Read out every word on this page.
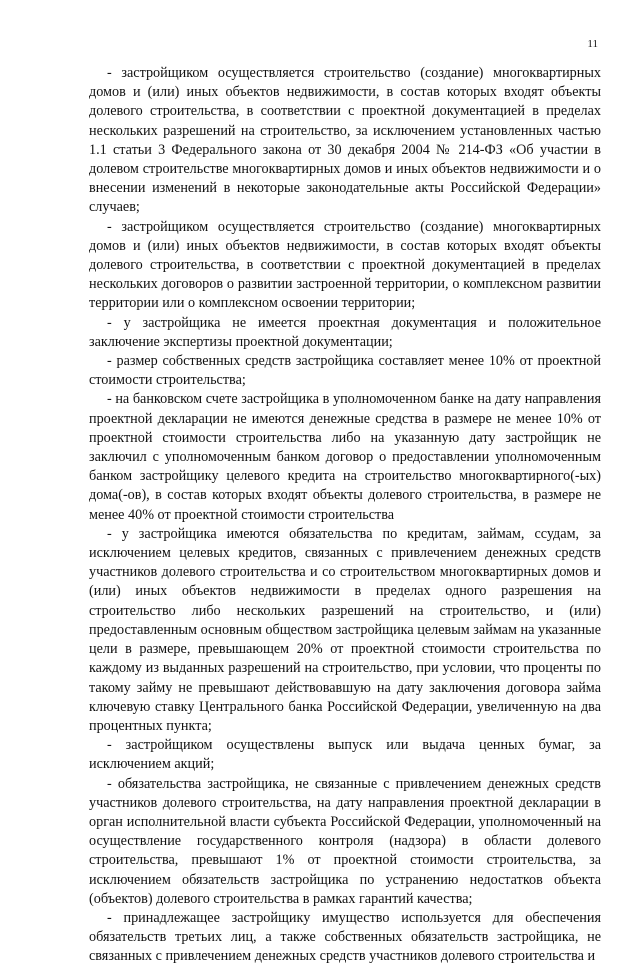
11

- застройщиком осуществляется строительство (создание) многоквартирных домов и (или) иных объектов недвижимости, в состав которых входят объекты долевого строительства, в соответствии с проектной документацией в пределах нескольких разрешений на строительство, за исключением установленных частью 1.1 статьи 3 Федерального закона от 30 декабря 2004 № 214-ФЗ «Об участии в долевом строительстве многоквартирных домов и иных объектов недвижимости и о внесении изменений в некоторые законодательные акты Российской Федерации» случаев;

- застройщиком осуществляется строительство (создание) многоквартирных домов и (или) иных объектов недвижимости, в состав которых входят объекты долевого строительства, в соответствии с проектной документацией в пределах нескольких договоров о развитии застроенной территории, о комплексном развитии территории или о комплексном освоении территории;

- у застройщика не имеется проектная документация и положительное заключение экспертизы проектной документации;

- размер собственных средств застройщика составляет менее 10% от проектной стоимости строительства;

- на банковском счете застройщика в уполномоченном банке на дату направления проектной декларации не имеются денежные средства в размере не менее 10% от проектной стоимости строительства либо на указанную дату застройщик не заключил с уполномоченным банком договор о предоставлении уполномоченным банком застройщику целевого кредита на строительство многоквартирного(-ых) дома(-ов), в состав которых входят объекты долевого строительства, в размере не менее 40% от проектной стоимости строительства

- у застройщика имеются обязательства по кредитам, займам, ссудам, за исключением целевых кредитов, связанных с привлечением денежных средств участников долевого строительства и со строительством многоквартирных домов и (или) иных объектов недвижимости в пределах одного разрешения на строительство либо нескольких разрешений на строительство, и (или) предоставленным основным обществом застройщика целевым займам на указанные цели в размере, превышающем 20% от проектной стоимости строительства по каждому из выданных разрешений на строительство, при условии, что проценты по такому займу не превышают действовавшую на дату заключения договора займа ключевую ставку Центрального банка Российской Федерации, увеличенную на два процентных пункта;

- застройщиком осуществлены выпуск или выдача ценных бумаг, за исключением акций;

- обязательства застройщика, не связанные с привлечением денежных средств участников долевого строительства, на дату направления проектной декларации в орган исполнительной власти субъекта Российской Федерации, уполномоченный на осуществление государственного контроля (надзора) в области долевого строительства, превышают 1% от проектной стоимости строительства, за исключением обязательств застройщика по устранению недостатков объекта (объектов) долевого строительства в рамках гарантий качества;

- принадлежащее застройщику имущество используется для обеспечения обязательств третьих лиц, а также собственных обязательств застройщика, не связанных с привлечением денежных средств участников долевого строительства и
